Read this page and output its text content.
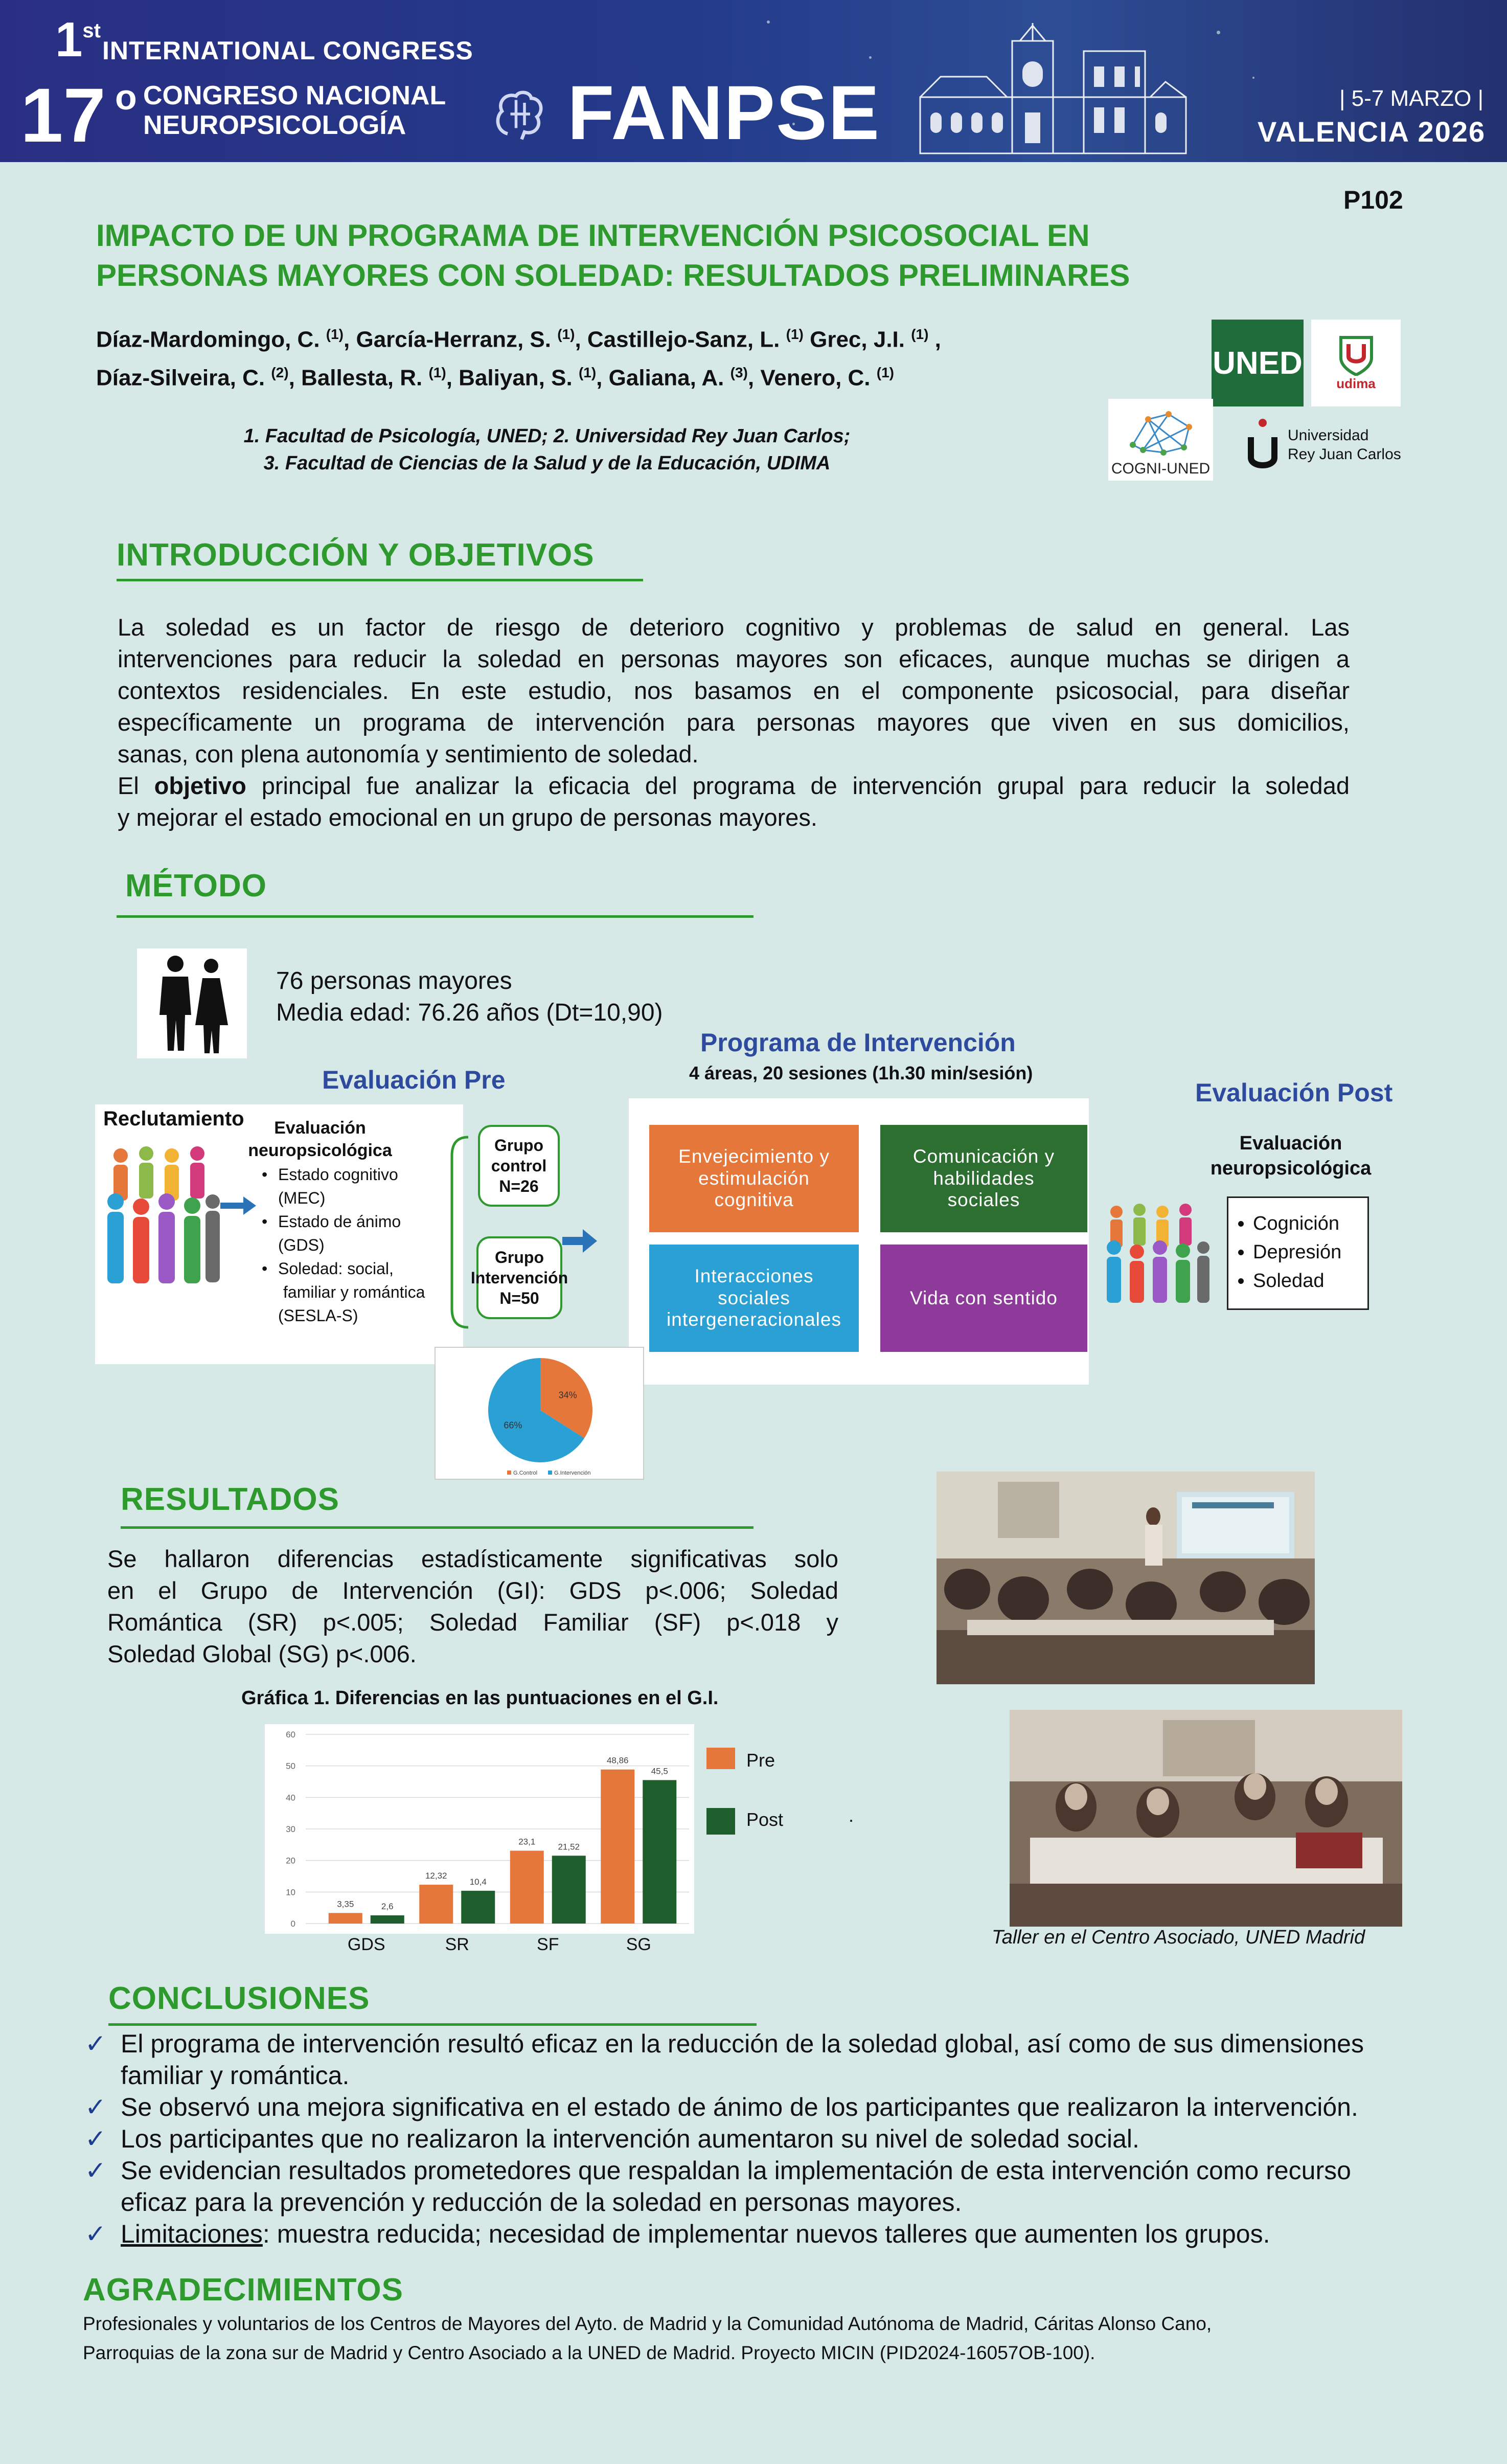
1st
INTERNATIONAL CONGRESS
17 o CONGRESO NACIONAL
NEUROPSICOLOGÍA	FANPSE	| 5-7 MARZO |
VALENCIA 2026
P102
IMPACTO DE UN PROGRAMA DE INTERVENCIÓN PSICOSOCIAL EN
PERSONAS MAYORES CON SOLEDAD: RESULTADOS PRELIMINARES
Díaz-Mardomingo, C. $^{(1)}$, García-Herranz, S. $^{(1)}$, Castillejo-Sanz, L. $^{(1)}$ Grec, J.I. $^{(1)}$ ,
Díaz-Silveira, C. $^{(2)}$, Ballesta, R. $^{(1)}$, Baliyan, S. $^{(1)}$, Galiana, A. $^{(3)}$, Venero, C. $^{(1)}$
1. Facultad de Psicología, UNED; 2. Universidad Rey Juan Carlos;
3. Facultad de Ciencias de la Salud y de la Educación, UDIMA
UNED
udima
COGNI-UNED
Universidad
Rey Juan Carlos
INTRODUCCIÓN Y OBJETIVOS
La soledad es un factor de riesgo de deterioro cognitivo y problemas de salud en general. Las
intervenciones para reducir la soledad en personas mayores son eficaces, aunque muchas se dirigen a
contextos residenciales. En este estudio, nos basamos en el componente psicosocial, para diseñar
específicamente un programa de intervención para personas mayores que viven en sus domicilios,
sanas, con plena autonomía y sentimiento de soledad.
El objetivo principal fue analizar la eficacia del programa de intervención grupal para reducir la soledad
y mejorar el estado emocional en un grupo de personas mayores.
MÉTODO
76 personas mayores
Media edad: 76.26 años (Dt=10,90)
Evaluación Pre
Reclutamiento	Evaluación
neuropsicológica
• Estado cognitivo
(MEC)
• Estado de ánimo
(GDS)
• Soledad: social,
familiar y romántica
(SESLA-S)
Grupo
control
N=26
Grupo
Intervención
N=50
Programa de Intervención
4 áreas, 20 sesiones (1h.30 min/sesión)
Envejecimiento y
estimulación
cognitiva
Comunicación y
habilidades
sociales
Interacciones
sociales
intergeneracionales
Vida con sentido
Evaluación Post
Evaluación
neuropsicológica
• Cognición
• Depresión
• Soledad
34%
66%
G.Control	G.Intervención
RESULTADOS
Se hallaron diferencias estadísticamente significativas solo
en el Grupo de Intervención (GI): GDS p<.006; Soledad
Romántica (SR) p<.005; Soledad Familiar (SF) p<.018 y
Soledad Global (SG) p<.006.
Gráfica 1. Diferencias en las puntuaciones en el G.I.
0
10
20
30
40
50
60
3,35	2,6
12,32
10,4
23,1
21,52
48,86
45,5
GDS	SR	SF	SG
Pre
Post	.
Taller en el Centro Asociado, UNED Madrid
CONCLUSIONES
✓ El programa de intervención resultó eficaz en la reducción de la soledad global, así como de sus dimensiones
familiar y romántica.
✓ Se observó una mejora significativa en el estado de ánimo de los participantes que realizaron la intervención.
✓ Los participantes que no realizaron la intervención aumentaron su nivel de soledad social.
✓ Se evidencian resultados prometedores que respaldan la implementación de esta intervención como recurso
eficaz para la prevención y reducción de la soledad en personas mayores.
✓ Limitaciones: muestra reducida; necesidad de implementar nuevos talleres que aumenten los grupos.
AGRADECIMIENTOS
Profesionales y voluntarios de los Centros de Mayores del Ayto. de Madrid y la Comunidad Autónoma de Madrid, Cáritas Alonso Cano,
Parroquias de la zona sur de Madrid y Centro Asociado a la UNED de Madrid. Proyecto MICIN (PID2024-16057OB-100).
